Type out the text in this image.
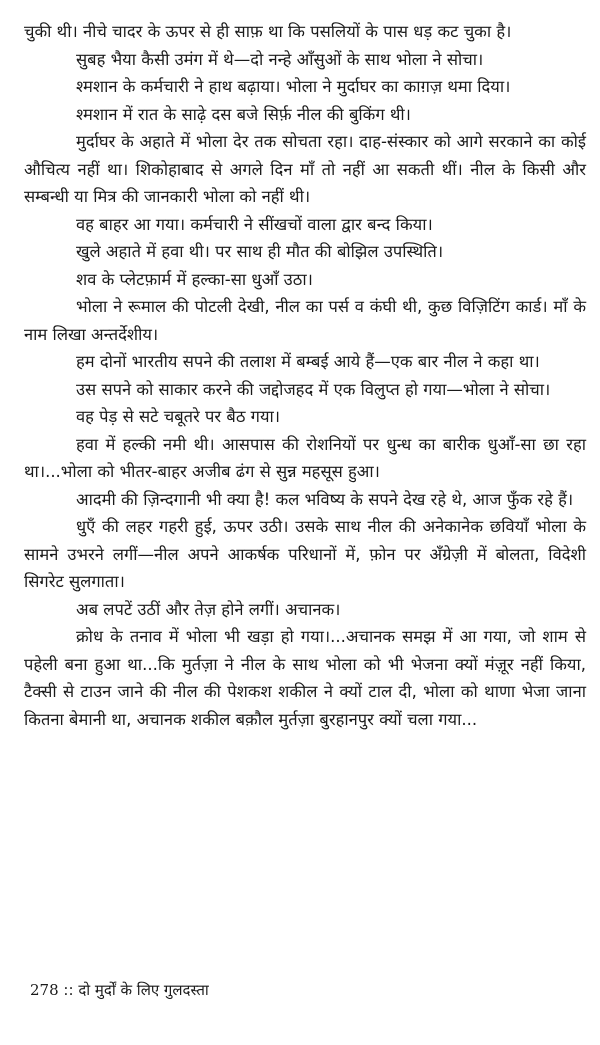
चुकी थी। नीचे चादर के ऊपर से ही साफ़ था कि पसलियों के पास धड़ कट चुका है।

सुबह भैया कैसी उमंग में थे—दो नन्हे आँसुओं के साथ भोला ने सोचा।

श्मशान के कर्मचारी ने हाथ बढ़ाया। भोला ने मुर्दाघर का काग़ज़ थमा दिया।

श्मशान में रात के साढ़े दस बजे सिर्फ़ नील की बुकिंग थी।

मुर्दाघर के अहाते में भोला देर तक सोचता रहा। दाह-संस्कार को आगे सरकाने का कोई औचित्य नहीं था। शिकोहाबाद से अगले दिन माँ तो नहीं आ सकती थीं। नील के किसी और सम्बन्धी या मित्र की जानकारी भोला को नहीं थी।

वह बाहर आ गया। कर्मचारी ने सींखचों वाला द्वार बन्द किया।

खुले अहाते में हवा थी। पर साथ ही मौत की बोझिल उपस्थिति।

शव के प्लेटफ़ार्म में हल्का-सा धुआँ उठा।

भोला ने रूमाल की पोटली देखी, नील का पर्स व कंघी थी, कुछ विज़िटिंग कार्ड। माँ के नाम लिखा अन्तर्देशीय।

हम दोनों भारतीय सपने की तलाश में बम्बई आये हैं—एक बार नील ने कहा था।

उस सपने को साकार करने की जद्दोजहद में एक विलुप्त हो गया—भोला ने सोचा।

वह पेड़ से सटे चबूतरे पर बैठ गया।

हवा में हल्की नमी थी। आसपास की रोशनियों पर धुन्ध का बारीक धुआँ-सा छा रहा था।...भोला को भीतर-बाहर अजीब ढंग से सुन्न महसूस हुआ।

आदमी की ज़िन्दगानी भी क्या है! कल भविष्य के सपने देख रहे थे, आज फुँक रहे हैं।

धुएँ की लहर गहरी हुई, ऊपर उठी। उसके साथ नील की अनेकानेक छवियाँ भोला के सामने उभरने लगीं—नील अपने आकर्षक परिधानों में, फ़ोन पर अँग्रेज़ी में बोलता, विदेशी सिगरेट सुलगाता।

अब लपटें उठीं और तेज़ होने लगीं। अचानक।

क्रोध के तनाव में भोला भी खड़ा हो गया।...अचानक समझ में आ गया, जो शाम से पहेली बना हुआ था...कि मुर्तज़ा ने नील के साथ भोला को भी भेजना क्यों मंज़ूर नहीं किया, टैक्सी से टाउन जाने की नील की पेशकश शकील ने क्यों टाल दी, भोला को थाणा भेजा जाना कितना बेमानी था, अचानक शकील बक़ौल मुर्तज़ा बुरहानपुर क्यों चला गया...

278 :: दो मुर्दों के लिए गुलदस्ता
